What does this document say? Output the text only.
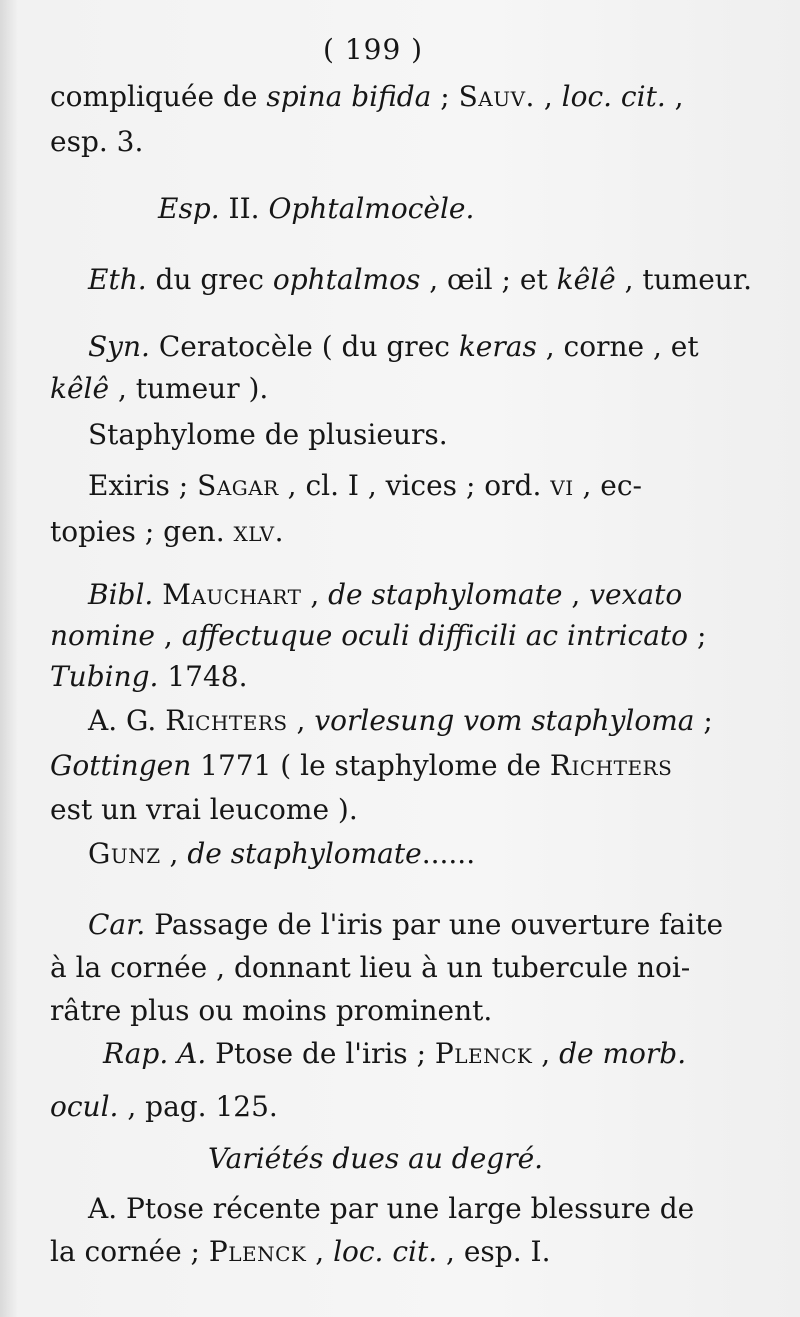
( 199 )
compliquée de spina bifida ; Sauv. , loc. cit. ,
esp. 3.
Esp. II. Ophtalmocèle.
Eth. du grec ophtalmos , œil ; et kêlê , tumeur.
Syn. Ceratocèle ( du grec keras , corne , et
kêlê , tumeur ).
Staphylome de plusieurs.
Exiris ; Sagar , cl. I , vices ; ord. vi , ec-
topies ; gen. xlv.
Bibl. Mauchart , de staphylomate , vexato
nomine , affectuque oculi difficili ac intricato ;
Tubing. 1748.
A. G. Richters , vorlesung vom staphyloma ;
Gottingen 1771 ( le staphylome de Richters
est un vrai leucome ).
Gunz , de staphylomate......
Car. Passage de l'iris par une ouverture faite
à la cornée , donnant lieu à un tubercule noi-
râtre plus ou moins prominent.
Rap. A. Ptose de l'iris ; Plenck , de morb.
ocul. , pag. 125.
Variétés dues au degré.
A. Ptose récente par une large blessure de
la cornée ; Plenck , loc. cit. , esp. I.
